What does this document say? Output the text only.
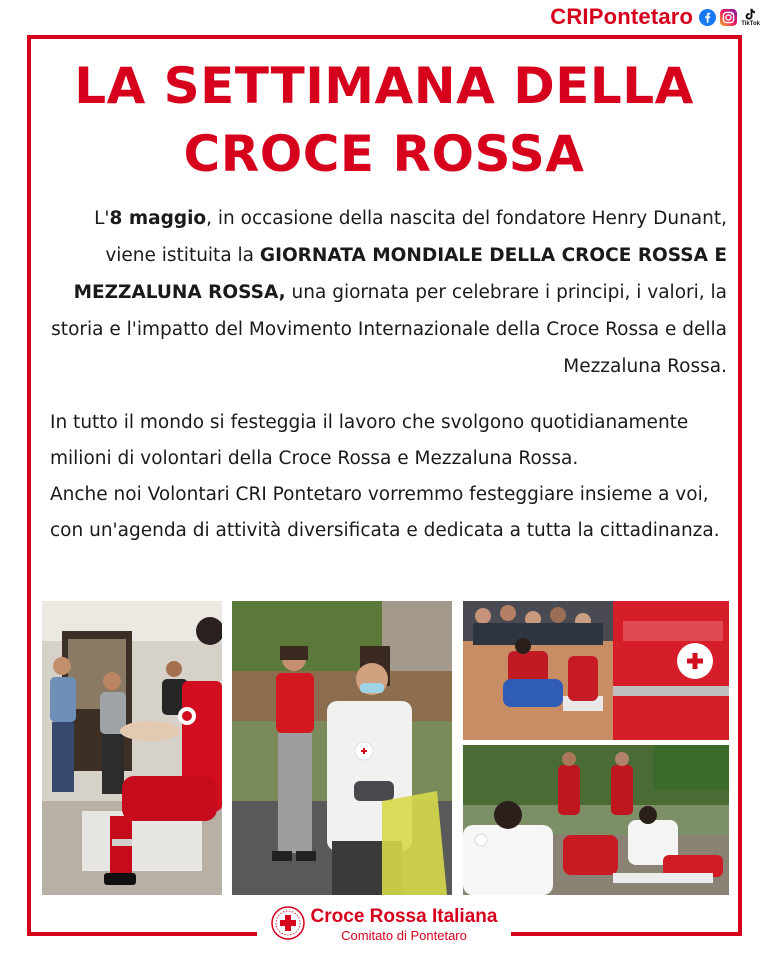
CRIPontetaro	TikTok
LA SETTIMANA DELLA
CROCE ROSSA
L'8 maggio, in occasione della nascita del fondatore Henry Dunant, viene istituita la GIORNATA MONDIALE DELLA CROCE ROSSA E MEZZALUNA ROSSA, una giornata per celebrare i principi, i valori, la storia e l'impatto del Movimento Internazionale della Croce Rossa e della Mezzaluna Rossa.
In tutto il mondo si festeggia il lavoro che svolgono quotidianamente milioni di volontari della Croce Rossa e Mezzaluna Rossa.
Anche noi Volontari CRI Pontetaro vorremmo festeggiare insieme a voi, con un'agenda di attività diversificata e dedicata a tutta la cittadinanza.
Croce Rossa Italiana
Comitato di Pontetaro
